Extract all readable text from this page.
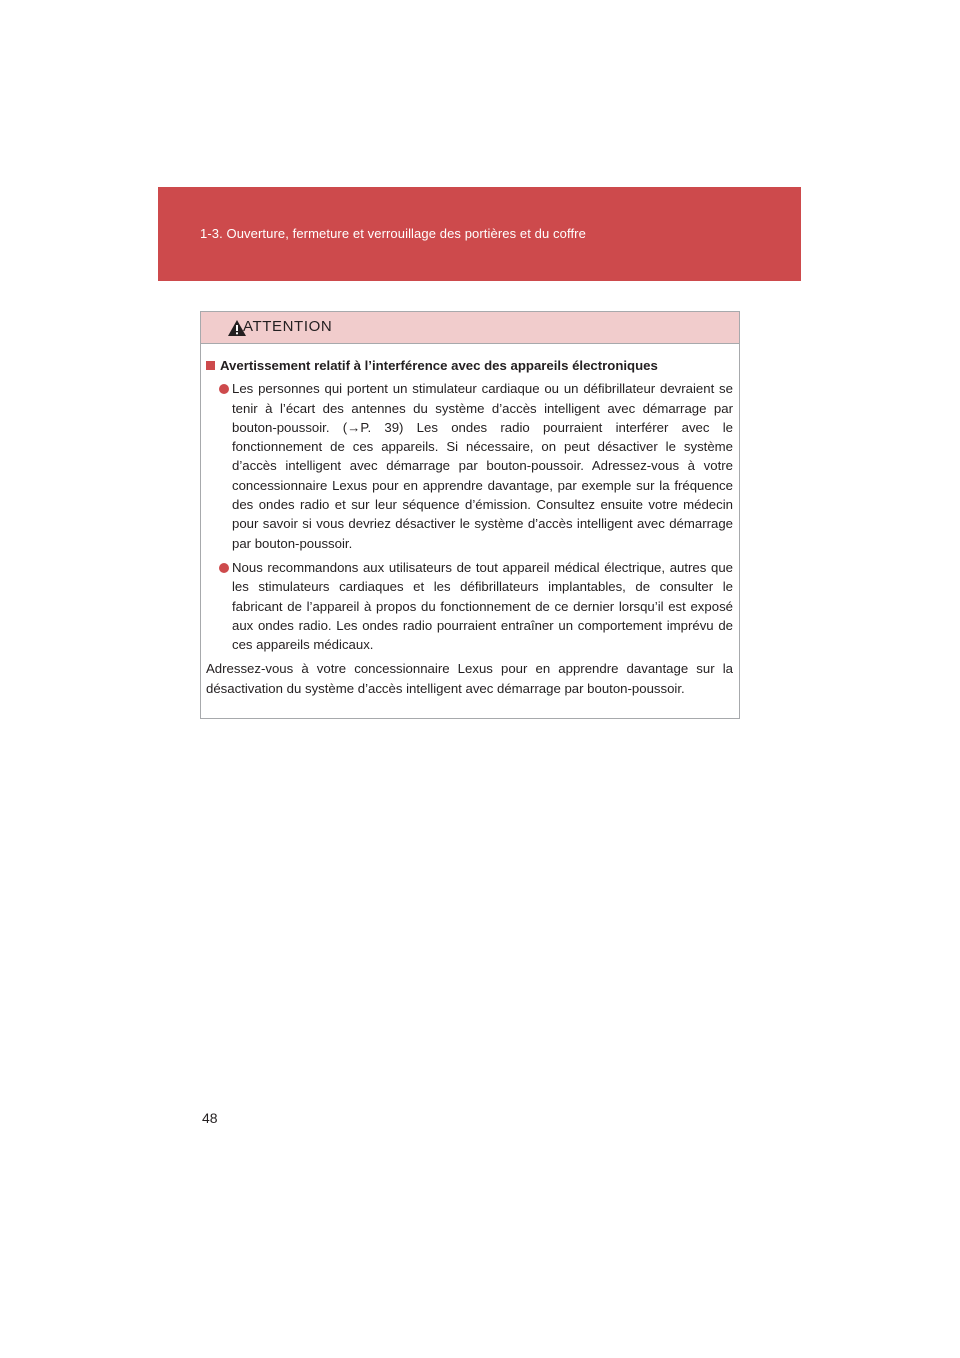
1-3. Ouverture, fermeture et verrouillage des portières et du coffre
ATTENTION
Avertissement relatif à l’interférence avec des appareils électroniques
Les personnes qui portent un stimulateur cardiaque ou un défibrillateur devraient se tenir à l’écart des antennes du système d’accès intelligent avec démarrage par bouton-poussoir. (→P. 39) Les ondes radio pourraient interférer avec le fonctionnement de ces appareils. Si nécessaire, on peut désactiver le système d’accès intelligent avec démarrage par bouton-poussoir. Adressez-vous à votre concessionnaire Lexus pour en apprendre davantage, par exemple sur la fréquence des ondes radio et sur leur séquence d’émission. Consultez ensuite votre médecin pour savoir si vous devriez désactiver le système d’accès intelligent avec démarrage par bouton-poussoir.
Nous recommandons aux utilisateurs de tout appareil médical électrique, autres que les stimulateurs cardiaques et les défibrillateurs implantables, de consulter le fabricant de l’appareil à propos du fonctionnement de ce dernier lorsqu’il est exposé aux ondes radio. Les ondes radio pourraient entraîner un comportement imprévu de ces appareils médicaux.
Adressez-vous à votre concessionnaire Lexus pour en apprendre davantage sur la désactivation du système d’accès intelligent avec démarrage par bouton-poussoir.
48
